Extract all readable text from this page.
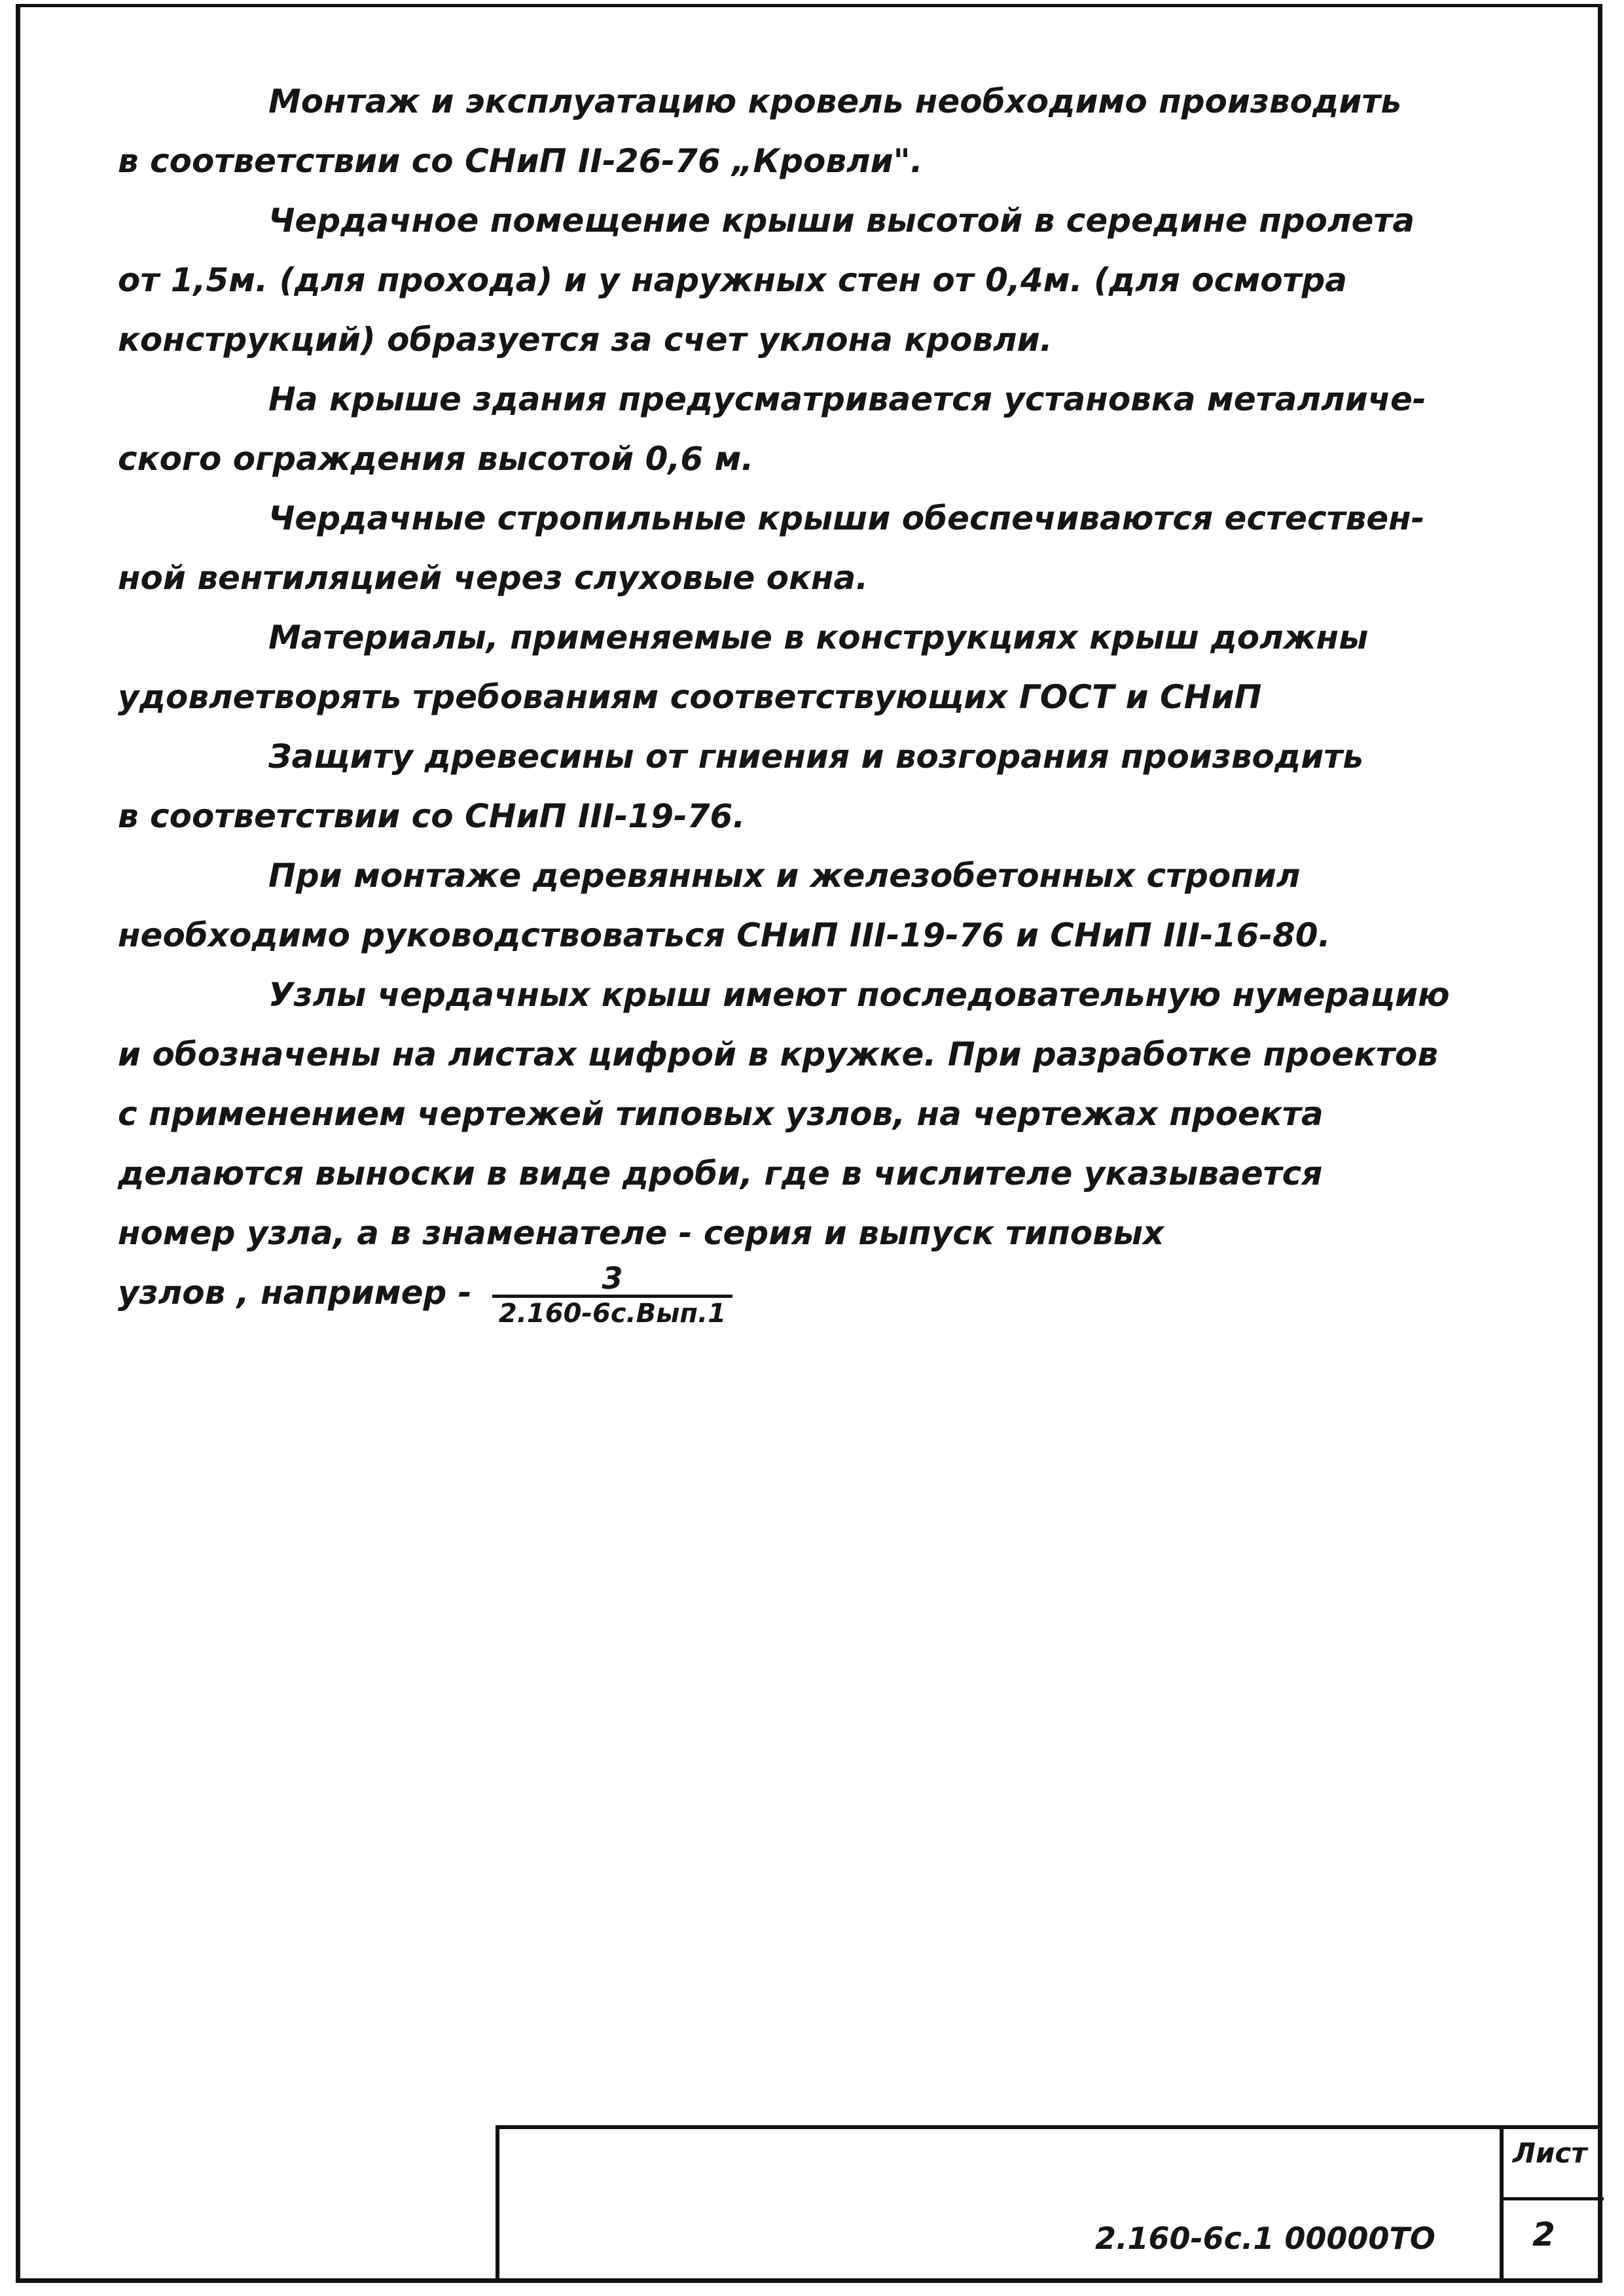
Монтаж и эксплуатацию кровель необходимо производить
в соответствии со СНиП II-26-76 „Кровли".
Чердачное помещение крыши высотой в середине пролета
от 1,5м. (для прохода) и у наружных стен от 0,4м. (для осмотра
конструкций) образуется за счет уклона кровли.
На крыше здания предусматривается установка металличе-
ского ограждения высотой 0,6 м.
Чердачные стропильные крыши обеспечиваются естествен-
ной вентиляцией через слуховые окна.
Материалы, применяемые в конструкциях крыш должны
удовлетворять требованиям соответствующих ГОСТ и СНиП
Защиту древесины от гниения и возгорания производить
в соответствии со СНиП III-19-76.
При монтаже деревянных и железобетонных стропил
необходимо руководствоваться СНиП III-19-76 и СНиП III-16-80.
Узлы чердачных крыш имеют последовательную нумерацию
и обозначены на листах цифрой в кружке. При разработке проектов
с применением чертежей типовых узлов, на чертежах проекта
делаются выноски в виде дроби, где в числителе указывается
номер узла, а в знаменателе - серия и выпуск типовых
узлов , например - $\frac{3}{\text{2.160-6с.Вып.1}}$
2.160-6с.1 00000ТО
Лист
2
